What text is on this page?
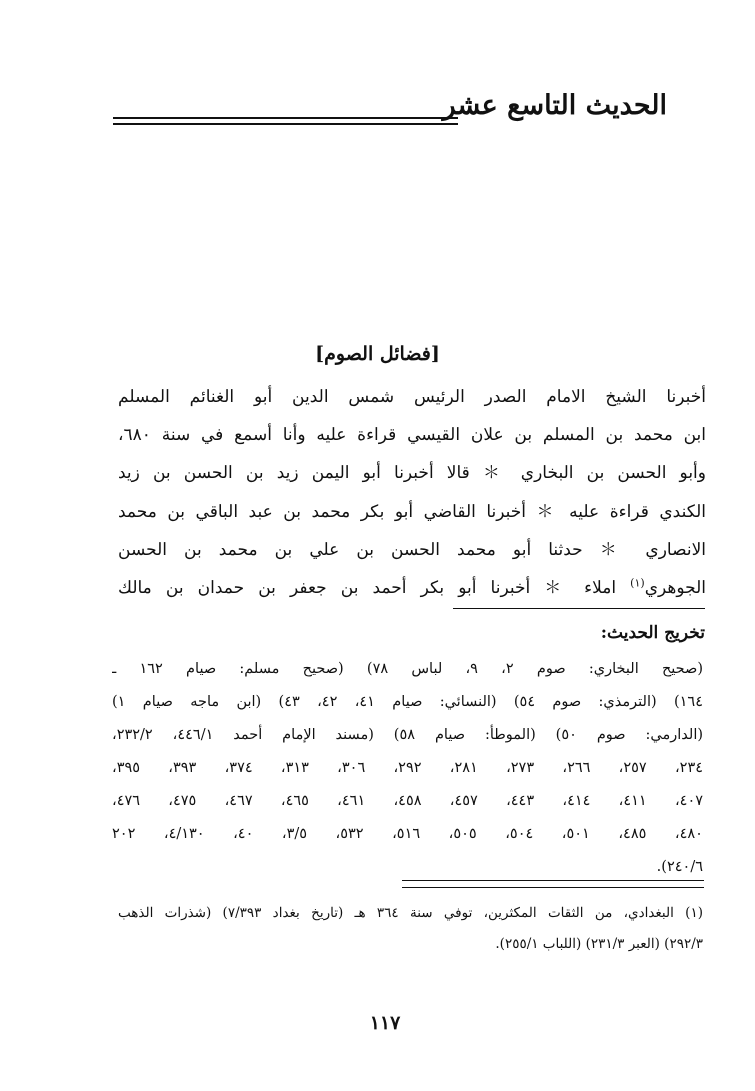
الحديث التاسع عشر
[فضائل الصوم]

أخبرنا الشيخ الامام الصدر الرئيس شمس الدين أبو الغنائم المسلم

ابن محمد بن المسلم بن علان القيسي قراءة عليه وأنا أسمع في سنة ٦٨٠،

وأبو الحسن بن البخاري ＊ قالا أخبرنا أبو اليمن زيد بن الحسن بن زيد

الكندي قراءة عليه ＊ أخبرنا القاضي أبو بكر محمد بن عبد الباقي بن محمد

الانصاري ＊ حدثنا أبو محمد الحسن بن علي بن محمد بن الحسن

الجوهري$^{(١)}$ املاء ＊ أخبرنا أبو بكر أحمد بن جعفر بن حمدان بن مالك

تخريج الحديث:

(صحيح البخاري: صوم ٢، ٩، لباس ٧٨) (صحيح مسلم: صيام ١٦٢ ـ

١٦٤) (الترمذي: صوم ٥٤) (النسائي: صيام ٤١، ٤٢، ٤٣) (ابن ماجه صيام ١)

(الدارمي: صوم ٥٠) (الموطأ: صيام ٥٨) (مسند الإمام أحمد ٤٤٦/١، ٢٣٢/٢،

٢٣٤، ٢٥٧، ٢٦٦، ٢٧٣، ٢٨١، ٢٩٢، ٣٠٦، ٣١٣، ٣٧٤، ٣٩٣، ٣٩٥،

٤٠٧، ٤١١، ٤١٤، ٤٤٣، ٤٥٧، ٤٥٨، ٤٦١، ٤٦٥، ٤٦٧، ٤٧٥، ٤٧٦،

٤٨٠، ٤٨٥، ٥٠١، ٥٠٤، ٥٠٥، ٥١٦، ٥٣٢، ٣/٥، ٤٠، ٤/١٣٠، ٢٠٢

٢٤٠/٦).

(١) البغدادي، من الثقات المكثرين، توفي سنة ٣٦٤ هـ (تاريخ بغداد ٧/٣٩٣) (شذرات الذهب

٢٩٢/٣) (العبر ٢٣١/٣) (اللباب ٢٥٥/١).

١١٧
